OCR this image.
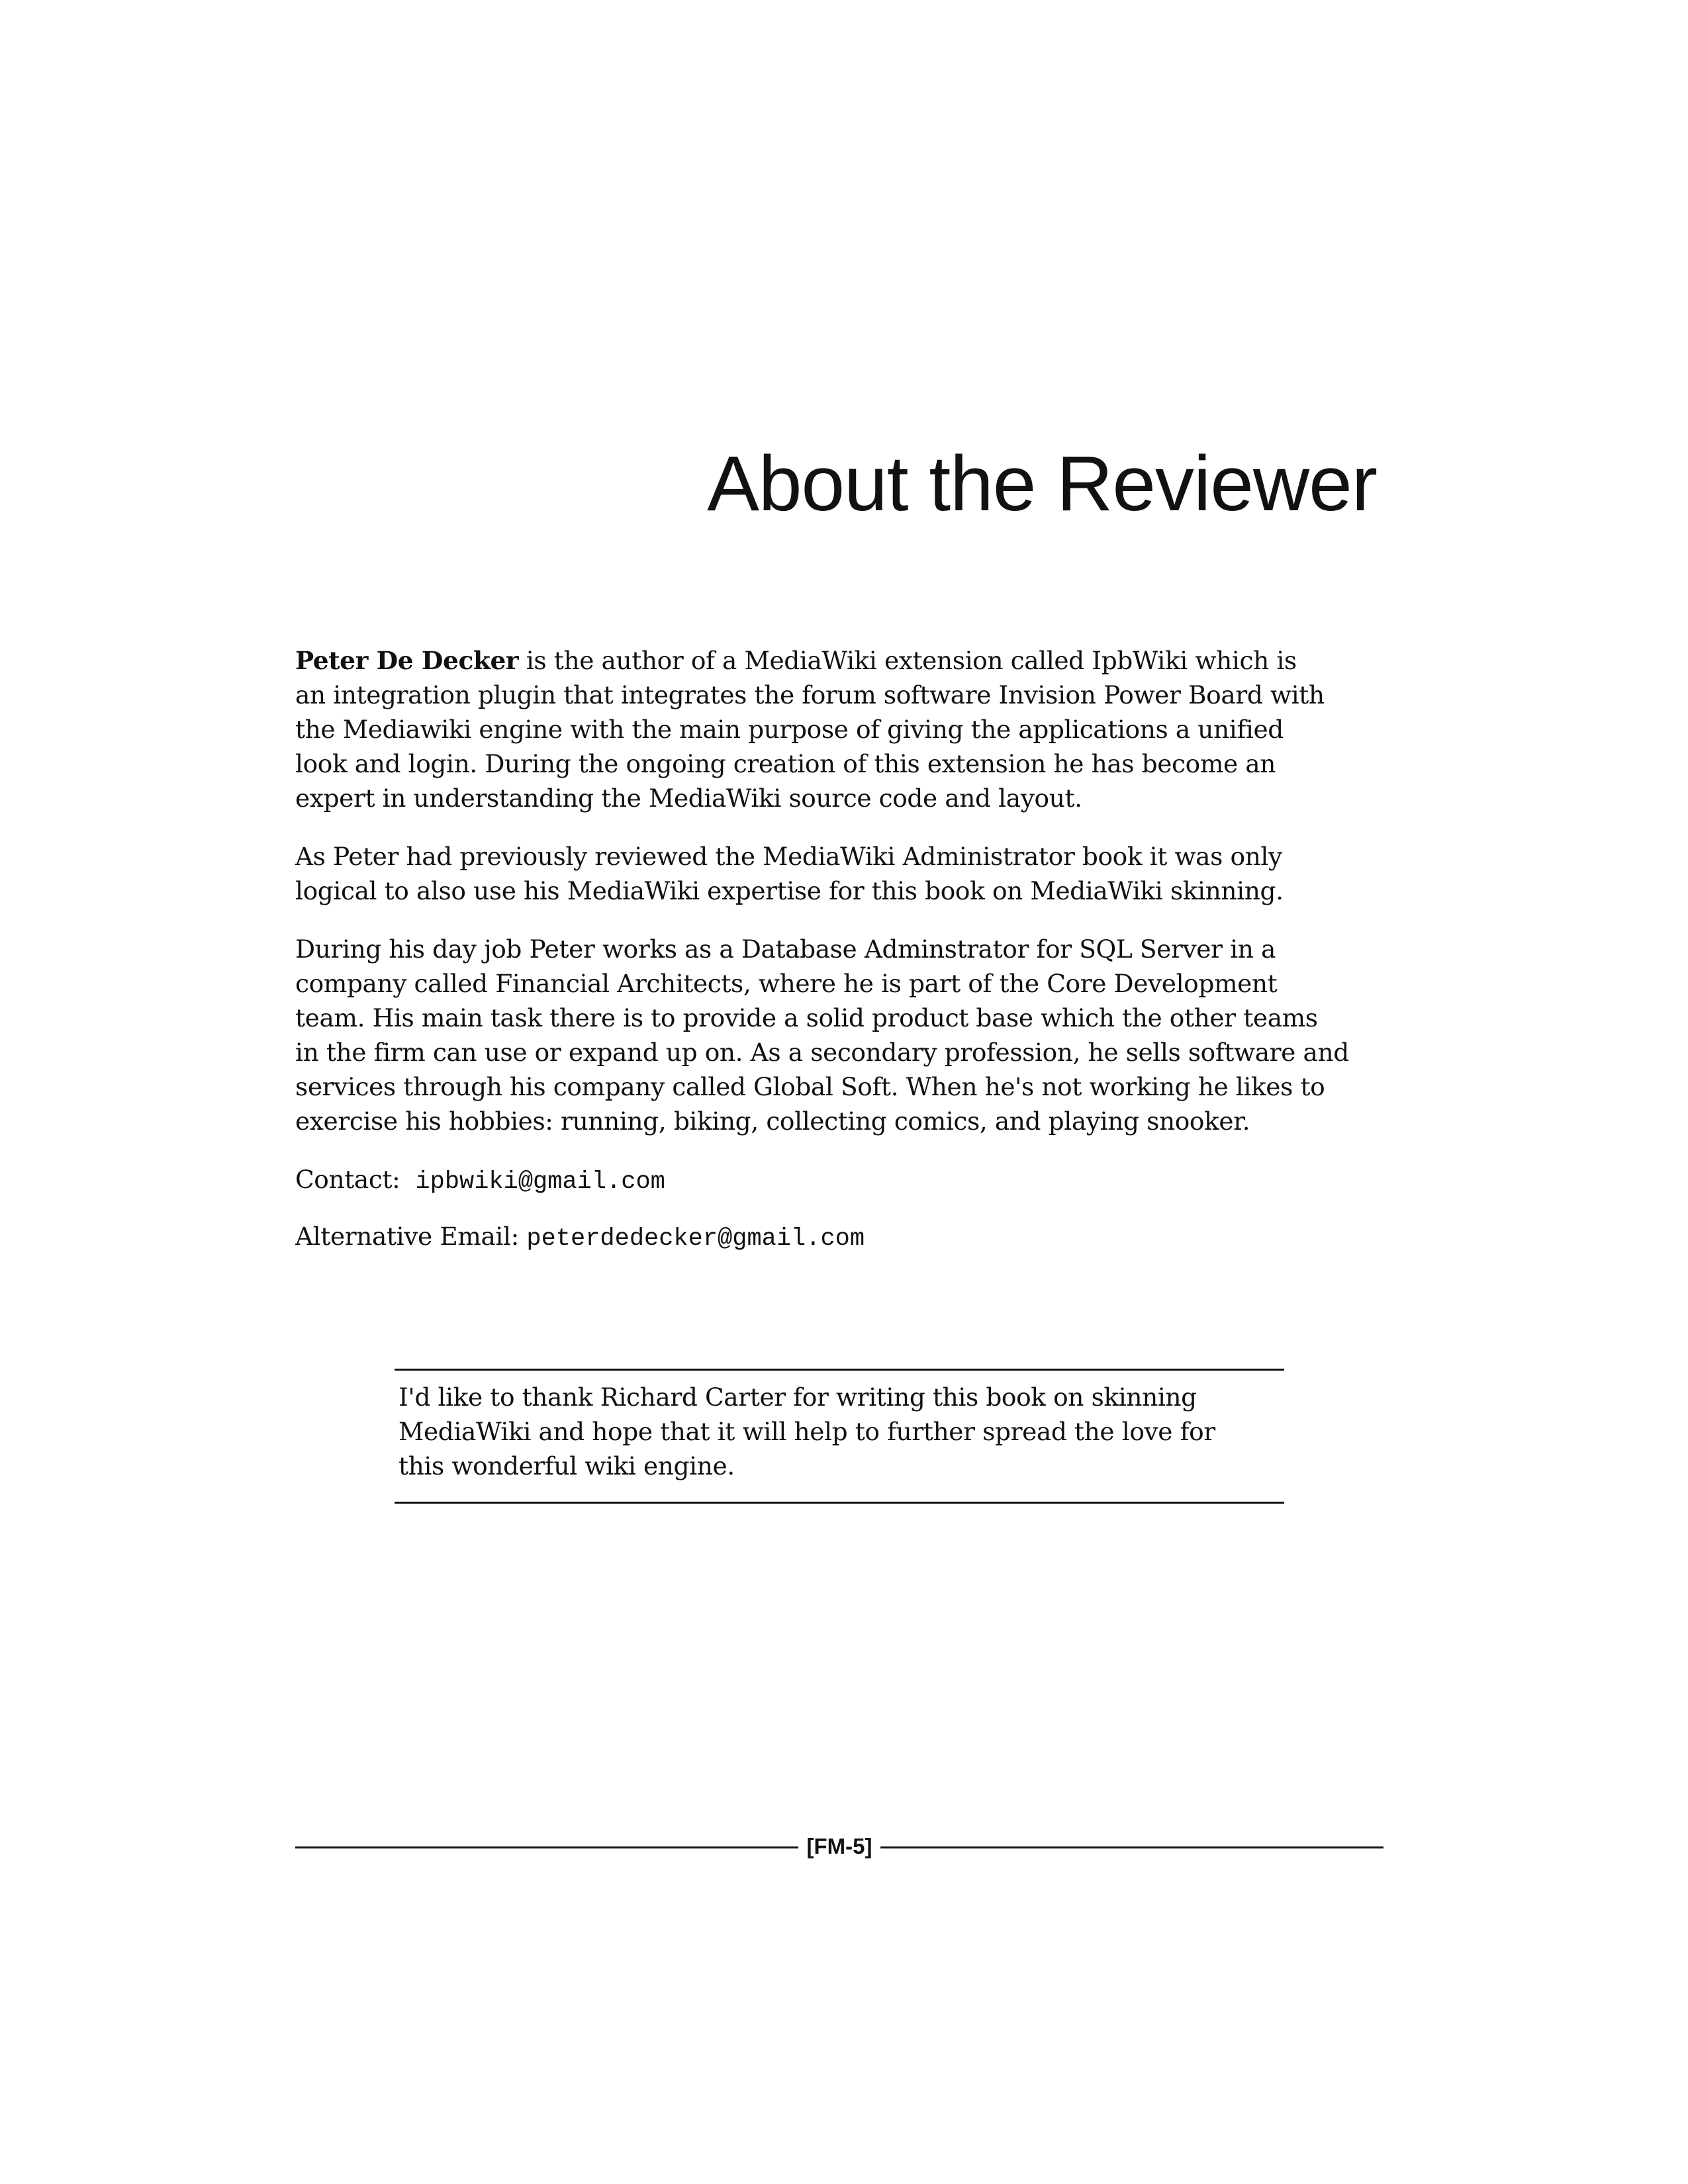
About the Reviewer

Peter De Decker is the author of a MediaWiki extension called IpbWiki which is
an integration plugin that integrates the forum software Invision Power Board with
the Mediawiki engine with the main purpose of giving the applications a unified
look and login. During the ongoing creation of this extension he has become an
expert in understanding the MediaWiki source code and layout.

As Peter had previously reviewed the MediaWiki Administrator book it was only
logical to also use his MediaWiki expertise for this book on MediaWiki skinning.

During his day job Peter works as a Database Adminstrator for SQL Server in a
company called Financial Architects, where he is part of the Core Development
team. His main task there is to provide a solid product base which the other teams
in the firm can use or expand up on. As a secondary profession, he sells software and
services through his company called Global Soft. When he's not working he likes to
exercise his hobbies: running, biking, collecting comics, and playing snooker.

Contact: ipbwiki@gmail.com

Alternative Email: peterdedecker@gmail.com

I'd like to thank Richard Carter for writing this book on skinning
MediaWiki and hope that it will help to further spread the love for
this wonderful wiki engine.
[FM-5]
